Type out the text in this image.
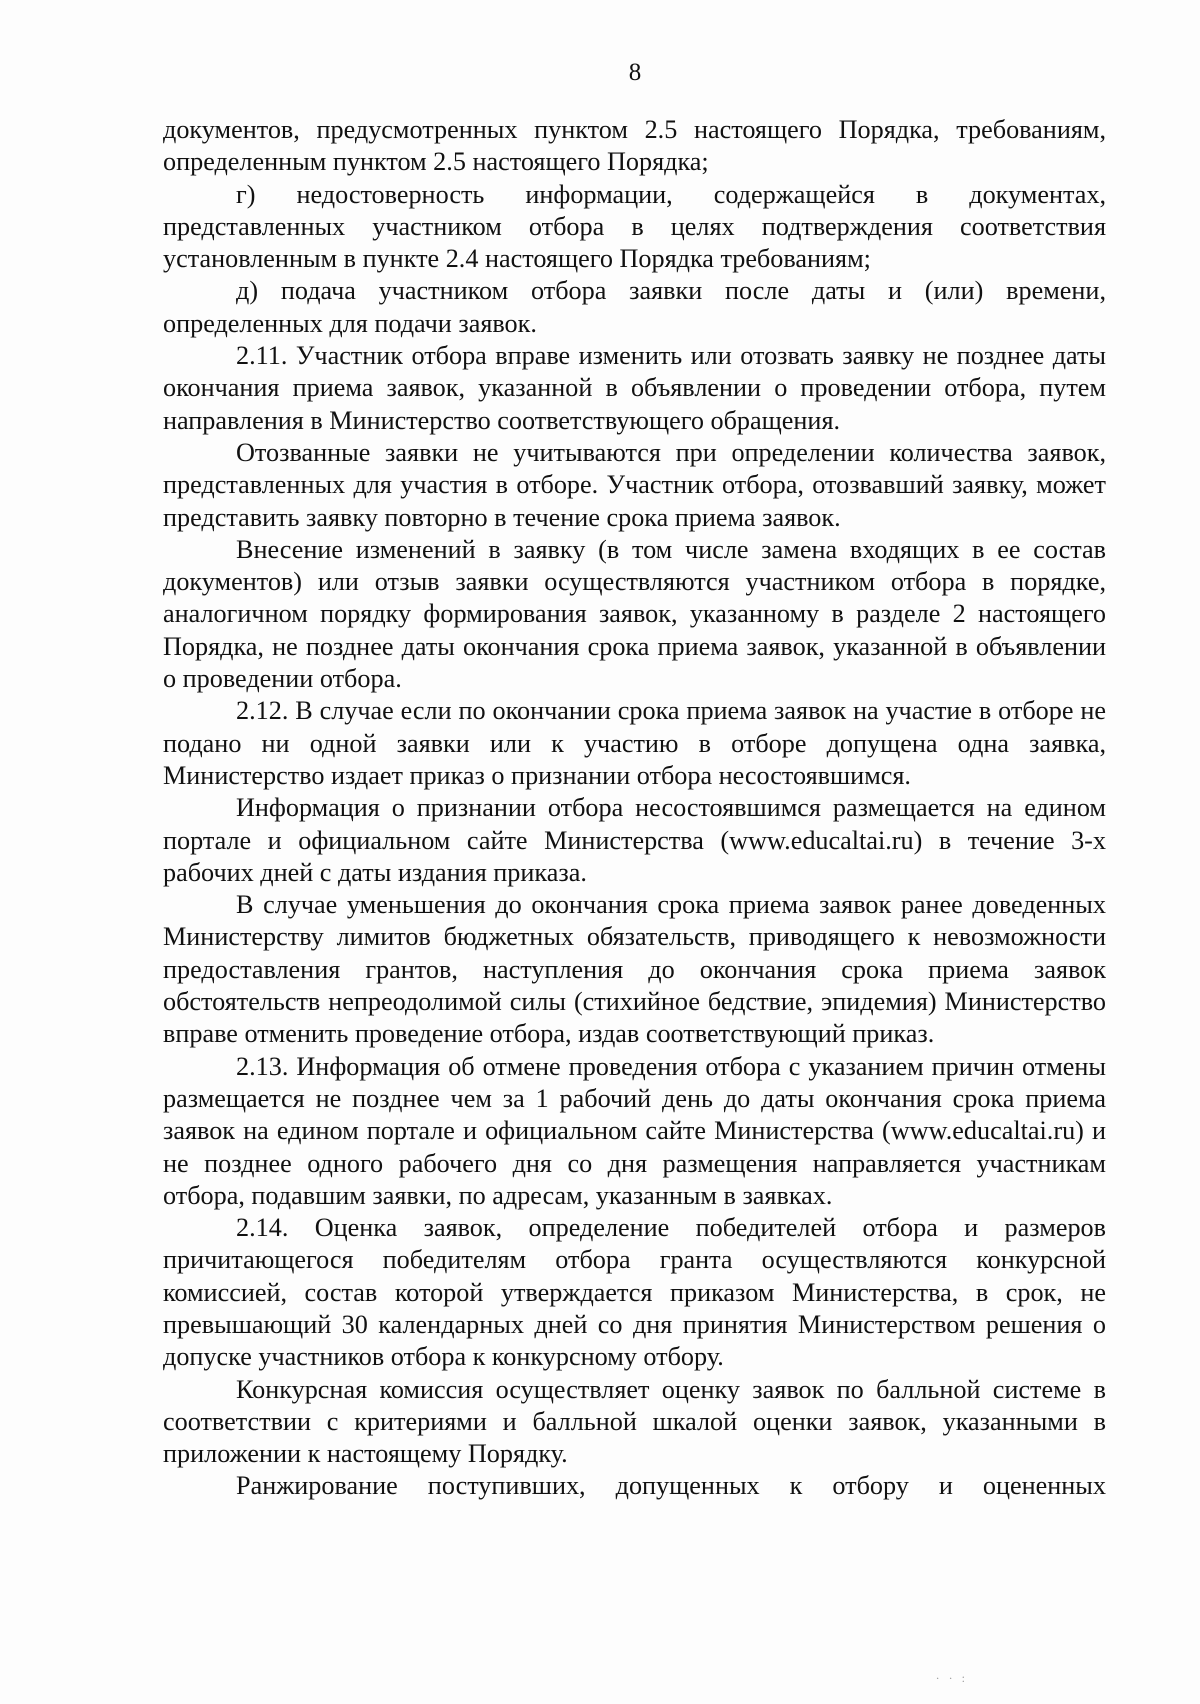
8

документов, предусмотренных пунктом 2.5 настоящего Порядка, требованиям, определенным пунктом 2.5 настоящего Порядка;

г) недостоверность информации, содержащейся в документах, представленных участником отбора в целях подтверждения соответствия установленным в пункте 2.4 настоящего Порядка требованиям;

д) подача участником отбора заявки после даты и (или) времени, определенных для подачи заявок.

2.11. Участник отбора вправе изменить или отозвать заявку не позднее даты окончания приема заявок, указанной в объявлении о проведении отбора, путем направления в Министерство соответствующего обращения.

Отозванные заявки не учитываются при определении количества заявок, представленных для участия в отборе. Участник отбора, отозвавший заявку, может представить заявку повторно в течение срока приема заявок.

Внесение изменений в заявку (в том числе замена входящих в ее состав документов) или отзыв заявки осуществляются участником отбора в порядке, аналогичном порядку формирования заявок, указанному в разделе 2 настоящего Порядка, не позднее даты окончания срока приема заявок, указанной в объявлении о проведении отбора.

2.12. В случае если по окончании срока приема заявок на участие в отборе не подано ни одной заявки или к участию в отборе допущена одна заявка, Министерство издает приказ о признании отбора несостоявшимся.

Информация о признании отбора несостоявшимся размещается на едином портале и официальном сайте Министерства (www.educaltai.ru) в течение 3-х рабочих дней с даты издания приказа.

В случае уменьшения до окончания срока приема заявок ранее доведенных Министерству лимитов бюджетных обязательств, приводящего к невозможности предоставления грантов, наступления до окончания срока приема заявок обстоятельств непреодолимой силы (стихийное бедствие, эпидемия) Министерство вправе отменить проведение отбора, издав соответствующий приказ.

2.13. Информация об отмене проведения отбора с указанием причин отмены размещается не позднее чем за 1 рабочий день до даты окончания срока приема заявок на едином портале и официальном сайте Министерства (www.educaltai.ru) и не позднее одного рабочего дня со дня размещения направляется участникам отбора, подавшим заявки, по адресам, указанным в заявках.

2.14. Оценка заявок, определение победителей отбора и размеров причитающегося победителям отбора гранта осуществляются конкурсной комиссией, состав которой утверждается приказом Министерства, в срок, не превышающий 30 календарных дней со дня принятия Министерством решения о допуске участников отбора к конкурсному отбору.

Конкурсная комиссия осуществляет оценку заявок по балльной системе в соответствии с критериями и балльной шкалой оценки заявок, указанными в приложении к настоящему Порядку.

Ранжирование поступивших, допущенных к отбору и оцененных

· · :
